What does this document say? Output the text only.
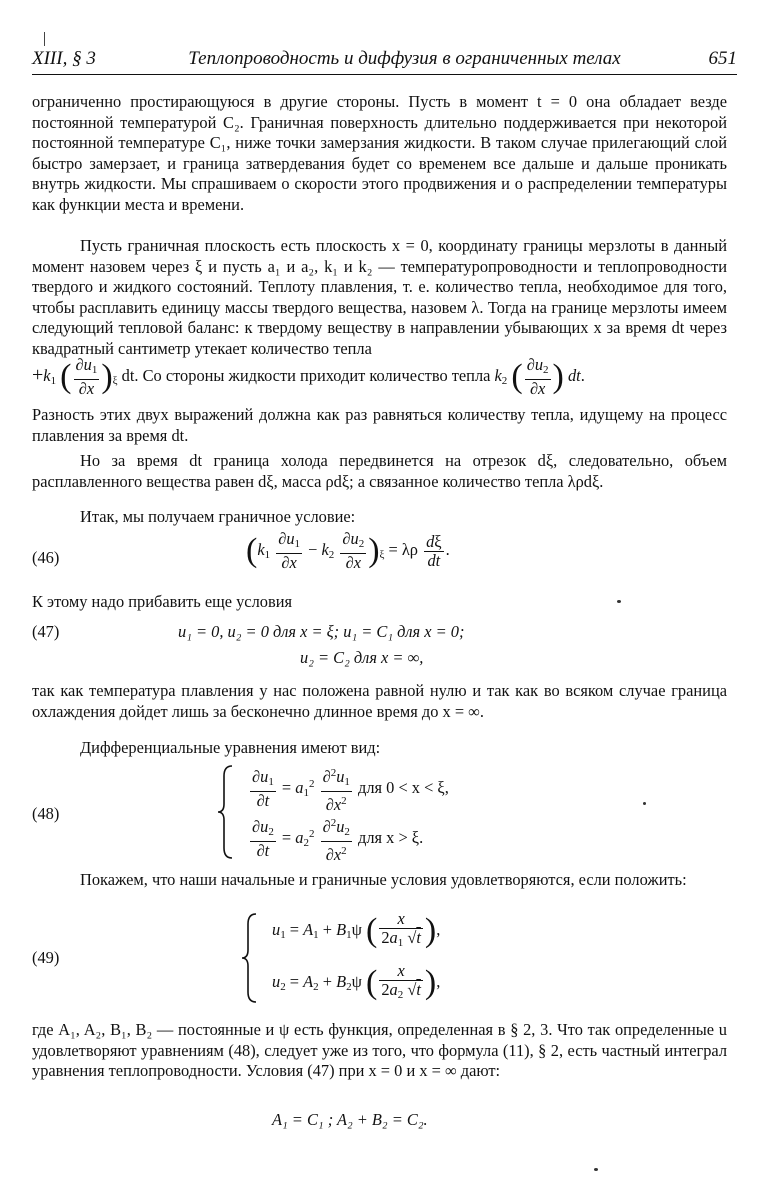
XIII, § 3	Теплопроводность и диффузия в ограниченных телах	651

ограниченно простирающуюся в другие стороны. Пусть в момент t = 0 она обладает везде постоянной температурой C₂. Граничная поверхность длительно поддерживается при некоторой постоянной температуре C₁, ниже точки замерзания жидкости. В таком случае прилегающий слой быстро замерзает, и граница затвердевания будет со временем все дальше и дальше проникать внутрь жидкости. Мы спрашиваем о скорости этого продвижения и о распределении температуры как функции места и времени.

Пусть граничная плоскость есть плоскость x = 0, координату границы мерзлоты в данный момент назовем через ξ и пусть a₁ и a₂, k₁ и k₂ — температуропроводности и теплопроводности твердого и жидкого состояний. Теплоту плавления, т. е. количество тепла, необходимое для того, чтобы расплавить единицу массы твердого вещества, назовем λ. Тогда на границе мерзлоты имеем следующий тепловой баланс: к твердому веществу в направлении убывающих x за время dt через квадратный сантиметр утекает количество тепла

$+k_1$ ( $\frac{\partial u_1}{\partial x} )_\xi$ dt. Со стороны жидкости приходит количество тепла $k_2$ ( $\frac{\partial u_2}{\partial x}$ ) dt.

Разность этих двух выражений должна как раз равняться количеству тепла, идущему на процесс плавления за время dt.

Но за время dt граница холода передвинется на отрезок dξ, следовательно, объем расплавленного вещества равен dξ, масса ρdξ; а связанное количество тепла λρdξ.

Итак, мы получаем граничное условие:

(46)	$(k_1 \frac{\partial u_1}{\partial x} - k_2 \frac{\partial u_2}{\partial x} )_\xi = \lambda\rho \frac{d\xi}{dt}$ .

К этому надо прибавить еще условия

(47)	u₁ = 0, u₂ = 0 для x = ξ; u₁ = C₁ для x = 0;
u₂ = C₂ для x = ∞,

так как температура плавления у нас положена равной нулю и так как во всяком случае граница охлаждения дойдет лишь за бесконечно длинное время до x = ∞.

Дифференциальные уравнения имеют вид:

(48)
$\frac{\partial u_1}{\partial t} = a_1^2 \frac{\partial^2u_1}{\partial x^2}$ для 0 < x < ξ,
$\frac{\partial u_2}{\partial t} = a_2^2 \frac{\partial^2u_2}{\partial x^2}$ для x > ξ.

Покажем, что наши начальные и граничные условия удовлетворяются, если положить:

(49)
$u_1 = A_1 + B_1\psi$ ( $\frac{x}{2a_1 √t}$ ),
$u_2 = A_2 + B_2\psi$ ( $\frac{x}{2a_2 √t}$ ),

где A₁, A₂, B₁, B₂ — постоянные и ψ есть функция, определенная в § 2, 3. Что так определенные u удовлетворяют уравнениям (48), следует уже из того, что формула (11), § 2, есть частный интеграл уравнения теплопроводности. Условия (47) при x = 0 и x = ∞ дают:

A₁ = C₁ ; A₂ + B₂ = C₂.
